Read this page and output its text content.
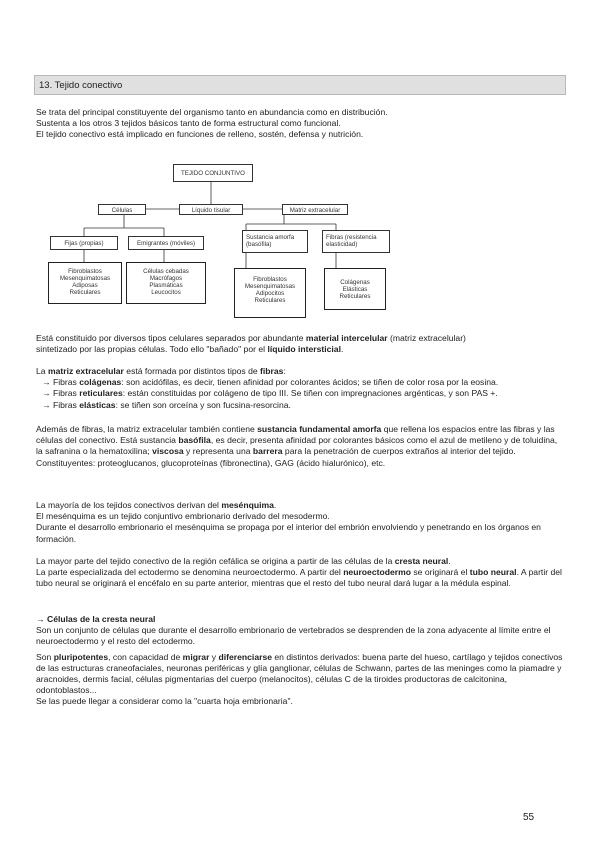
13. Tejido conectivo

Se trata del principal constituyente del organismo tanto en abundancia como en distribución.

Sustenta a los otros 3 tejidos básicos tanto de forma estructural como funcional.

El tejido conectivo está implicado en funciones de relleno, sostén, defensa y nutrición.

TEJIDO CONJUNTIVO
Células	Líquido tisular	Matriz extracelular
Fijas (propias)	Emigrantes (móviles)
Sustancia amorfa
(basófila)
Fibras (resistencia
elasticidad)
Fibroblastos
Mesenquimatosas
Adiposas
Reticulares
Células cebadas
Macrófagos
Plasmáticas
Leucocitos
Fibroblastos
Mesenquimatosas
Adipocitos
Reticulares
Colágenas
Elásticas
Reticulares

Está constituido por diversos tipos celulares separados por abundante material intercelular (matriz extracelular)

sintetizado por las propias células. Todo ello "bañado" por el líquido intersticial.

La matriz extracelular está formada por distintos tipos de fibras:

→ Fibras colágenas: son acidófilas, es decir, tienen afinidad por colorantes ácidos; se tiñen de color rosa por la eosina.

→ Fibras reticulares: están constituidas por colágeno de tipo III. Se tiñen con impregnaciones argénticas, y son PAS +.

→ Fibras elásticas: se tiñen son orceína y son fucsina-resorcina.

Además de fibras, la matriz extracelular también contiene sustancia fundamental amorfa que rellena los espacios entre las fibras y las células del conectivo. Está sustancia basófila, es decir, presenta afinidad por colorantes básicos como el azul de metileno y de toluidina, la safranina o la hematoxilina; viscosa y representa una barrera para la penetración de cuerpos extraños al interior del tejido.

Constituyentes: proteoglucanos, glucoproteínas (fibronectina), GAG (ácido hialurónico), etc.

La mayoría de los tejidos conectivos derivan del mesénquima.

El mesénquima es un tejido conjuntivo embrionario derivado del mesodermo.

Durante el desarrollo embrionario el mesénquima se propaga por el interior del embrión envolviendo y penetrando en los órganos en formación.

La mayor parte del tejido conectivo de la región cefálica se origina a partir de las células de la cresta neural.

La parte especializada del ectodermo se denomina neuroectodermo. A partir del neuroectodermo se originará el tubo neural. A partir del tubo neural se originará el encéfalo en su parte anterior, mientras que el resto del tubo neural dará lugar a la médula espinal.

→ Células de la cresta neural

Son un conjunto de células que durante el desarrollo embrionario de vertebrados se desprenden de la zona adyacente al límite entre el neuroectodermo y el resto del ectodermo.

Son pluripotentes, con capacidad de migrar y diferenciarse en distintos derivados: buena parte del hueso, cartílago y tejidos conectivos de las estructuras craneofaciales, neuronas periféricas y glía ganglionar, células de Schwann, partes de las meninges como la piamadre y aracnoides, dermis facial, células pigmentarias del cuerpo (melanocitos), células C de la tiroides productoras de calcitonina, odontoblastos...

Se las puede llegar a considerar como la "cuarta hoja embrionaria".

55
